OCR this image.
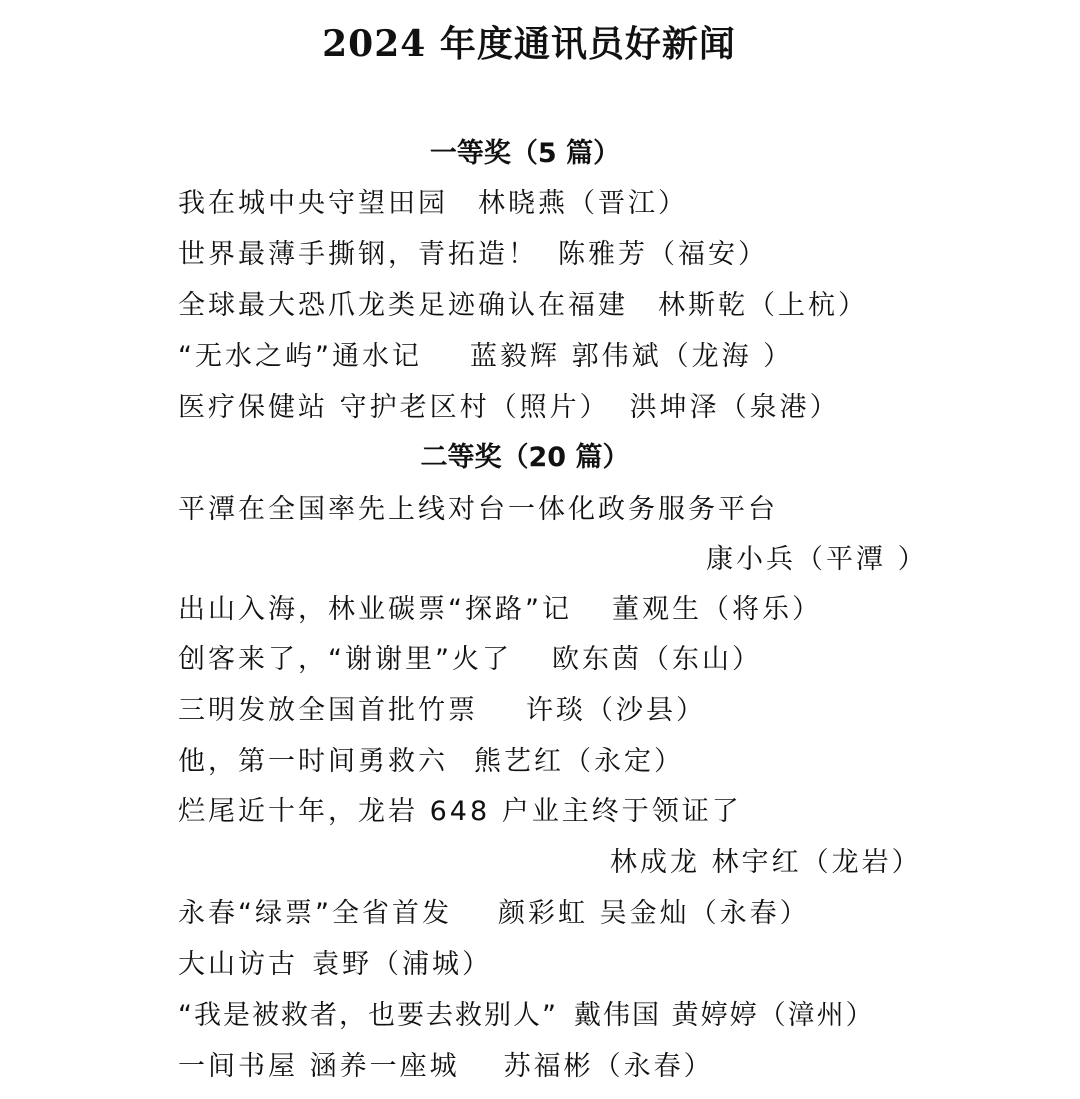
2024 年度通讯员好新闻
一等奖（5 篇）
我在城中央守望田园 林晓燕（晋江）
世界最薄手撕钢，青拓造！ 陈雅芳（福安）
全球最大恐爪龙类足迹确认在福建 林斯乾（上杭）
“无水之屿”通水记 蓝毅辉 郭伟斌（龙海 ）
医疗保健站 守护老区村（照片） 洪坤泽（泉港）
二等奖（20 篇）
平潭在全国率先上线对台一体化政务服务平台
康小兵（平潭 ）
出山入海，林业碳票“探路”记 董观生（将乐）
创客来了，“谢谢里”火了 欧东茵（东山）
三明发放全国首批竹票 许琰（沙县）
他，第一时间勇救六 熊艺红（永定）
烂尾近十年，龙岩 648 户业主终于领证了
林成龙 林宇红（龙岩）
永春“绿票”全省首发 颜彩虹 吴金灿（永春）
大山访古 袁野（浦城）
“我是被救者，也要去救别人” 戴伟国 黄婷婷（漳州）
一间书屋 涵养一座城 苏福彬（永春）
